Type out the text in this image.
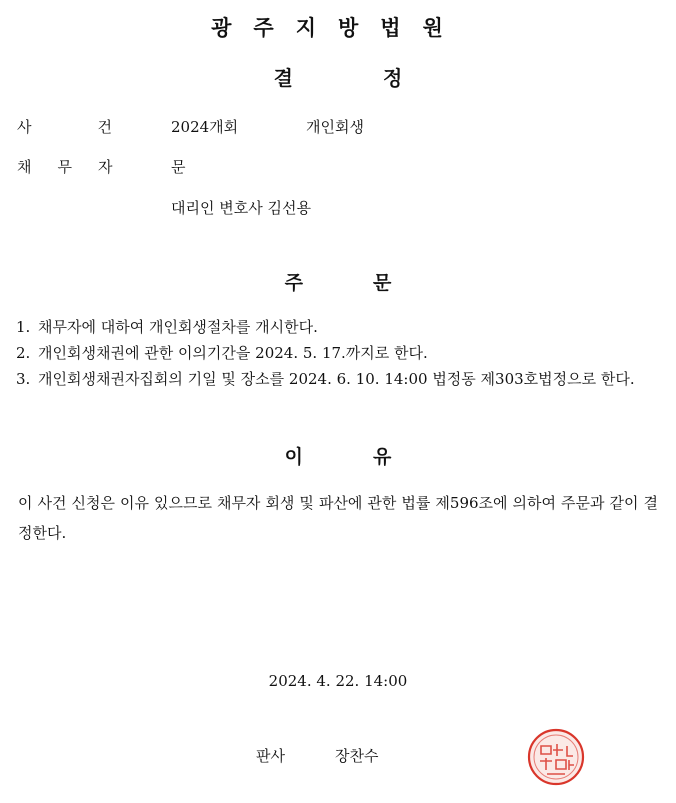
광주지방법원
결정
사건
2024개회	개인회생
채무자 문
대리인 변호사 김선용
주문
1. 채무자에 대하여 개인회생절차를 개시한다.
2. 개인회생채권에 관한 이의기간을 2024. 5. 17.까지로 한다.
3. 개인회생채권자집회의 기일 및 장소를 2024. 6. 10. 14:00 법정동 제303호법정으로 한다.
이유
이 사건 신청은 이유 있으므로 채무자 회생 및 파산에 관한 법률 제596조에 의하여 주문과 같이 결정한다.
2024. 4. 22. 14:00
판사	장찬수
